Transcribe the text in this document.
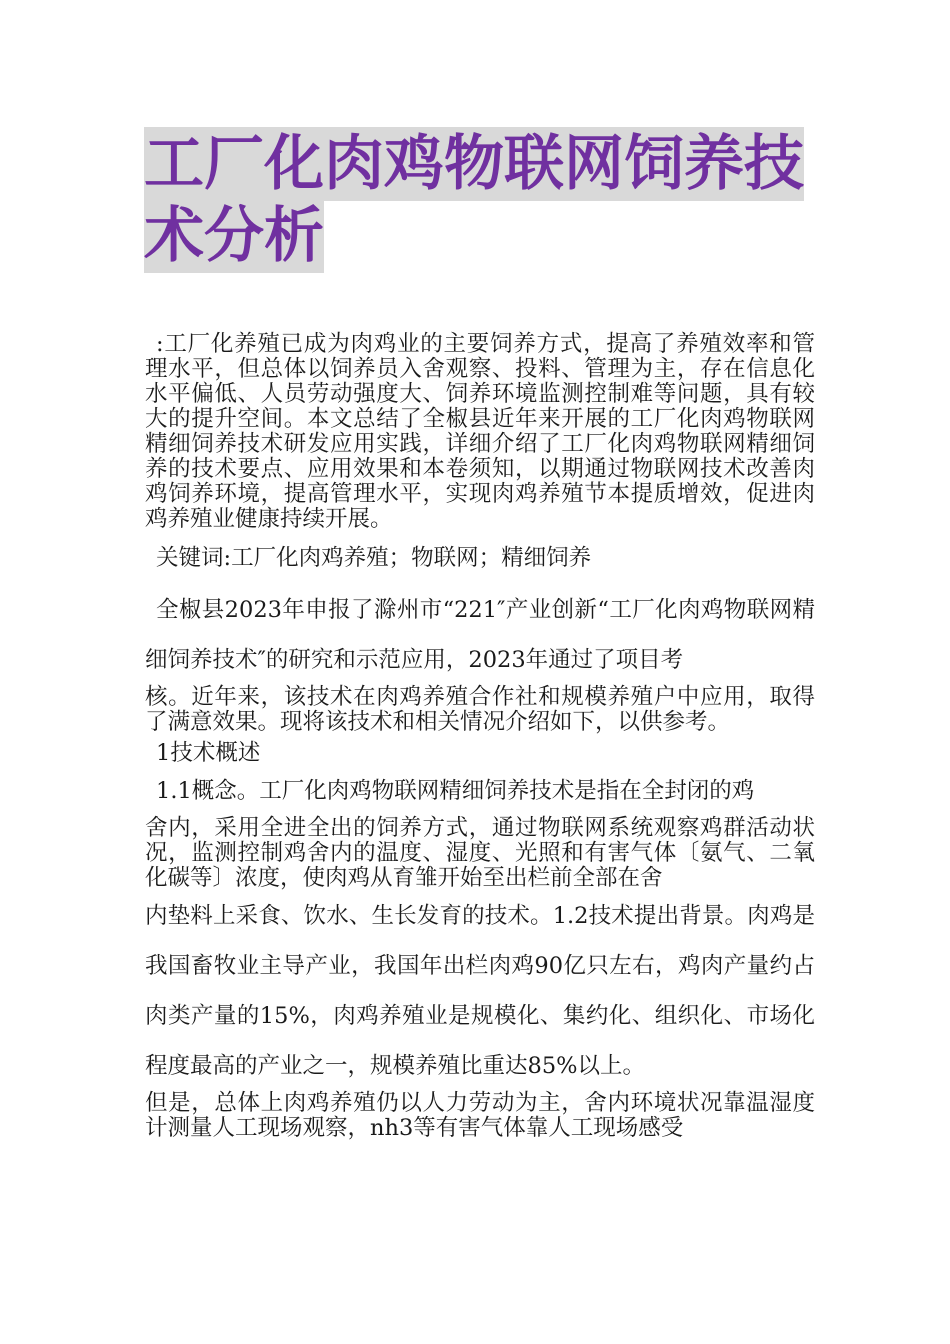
工厂化肉鸡物联网饲养技术分析

:工厂化养殖已成为肉鸡业的主要饲养方式，提高了养殖效率和管理水平，但总体以饲养员入舍观察、投料、管理为主，存在信息化水平偏低、人员劳动强度大、饲养环境监测控制难等问题，具有较大的提升空间。本文总结了全椒县近年来开展的工厂化肉鸡物联网精细饲养技术研发应用实践，详细介绍了工厂化肉鸡物联网精细饲养的技术要点、应用效果和本卷须知，以期通过物联网技术改善肉鸡饲养环境，提高管理水平，实现肉鸡养殖节本提质增效，促进肉鸡养殖业健康持续开展。

关键词:工厂化肉鸡养殖；物联网；精细饲养

全椒县2023年申报了滁州市“221″产业创新“工厂化肉鸡物联网精细饲养技术″的研究和示范应用，2023年通过了项目考

核。近年来，该技术在肉鸡养殖合作社和规模养殖户中应用，取得了满意效果。现将该技术和相关情况介绍如下，以供参考。

1技术概述

1.1概念。工厂化肉鸡物联网精细饲养技术是指在全封闭的鸡

舍内，采用全进全出的饲养方式，通过物联网系统观察鸡群活动状况，监测控制鸡舍内的温度、湿度、光照和有害气体〔氨气、二氧化碳等〕浓度，使肉鸡从育雏开始至出栏前全部在舍

内垫料上采食、饮水、生长发育的技术。1.2技术提出背景。肉鸡是我国畜牧业主导产业，我国年出栏肉鸡90亿只左右，鸡肉产量约占肉类产量的15%，肉鸡养殖业是规模化、集约化、组织化、市场化程度最高的产业之一，规模养殖比重达85%以上。

但是，总体上肉鸡养殖仍以人力劳动为主，舍内环境状况靠温湿度计测量人工现场观察，nh3等有害气体靠人工现场感受
